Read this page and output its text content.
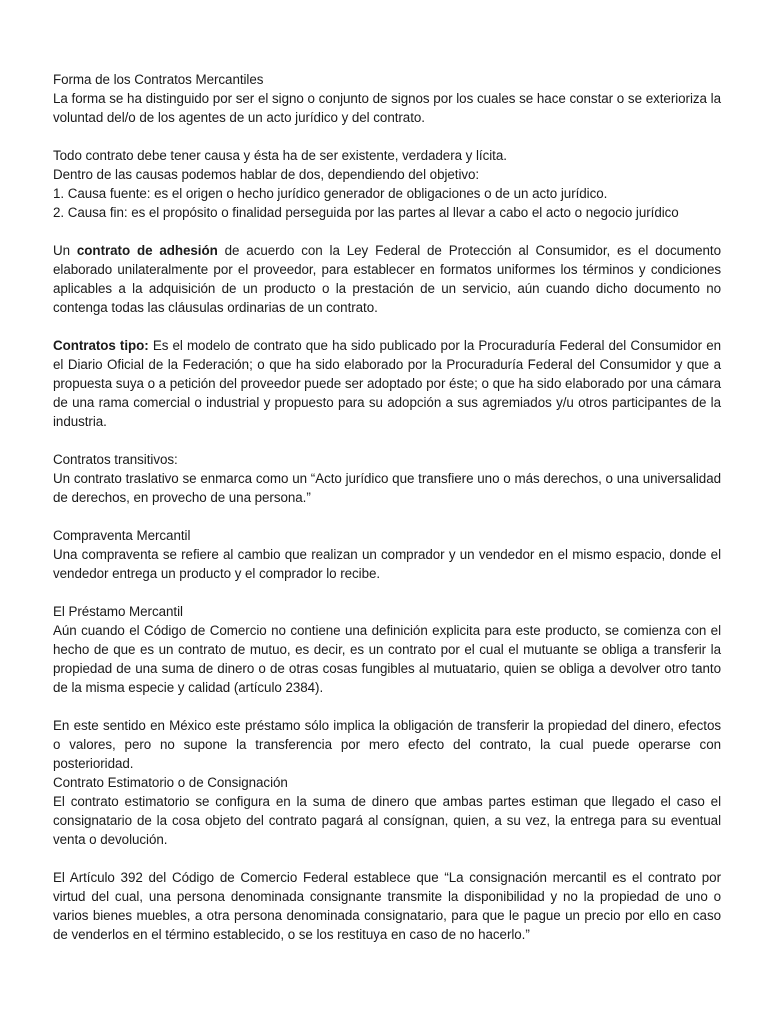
Forma de los Contratos Mercantiles

La forma se ha distinguido por ser el signo o conjunto de signos por los cuales se hace constar o se exterioriza la voluntad del/o de los agentes de un acto jurídico y del contrato.

Todo contrato debe tener causa y ésta ha de ser existente, verdadera y lícita.

Dentro de las causas podemos hablar de dos, dependiendo del objetivo:

1. Causa fuente: es el origen o hecho jurídico generador de obligaciones o de un acto jurídico.
2. Causa fin: es el propósito o finalidad perseguida por las partes al llevar a cabo el acto o negocio jurídico

Un contrato de adhesión de acuerdo con la Ley Federal de Protección al Consumidor, es el documento elaborado unilateralmente por el proveedor, para establecer en formatos uniformes los términos y condiciones aplicables a la adquisición de un producto o la prestación de un servicio, aún cuando dicho documento no contenga todas las cláusulas ordinarias de un contrato.

Contratos tipo: Es el modelo de contrato que ha sido publicado por la Procuraduría Federal del Consumidor en el Diario Oficial de la Federación; o que ha sido elaborado por la Procuraduría Federal del Consumidor y que a propuesta suya o a petición del proveedor puede ser adoptado por éste; o que ha sido elaborado por una cámara de una rama comercial o industrial y propuesto para su adopción a sus agremiados y/u otros participantes de la industria.

Contratos transitivos:

Un contrato traslativo se enmarca como un “Acto jurídico que transfiere uno o más derechos, o una universalidad de derechos, en provecho de una persona.”

Compraventa Mercantil

Una compraventa se refiere al cambio que realizan un comprador y un vendedor en el mismo espacio, donde el vendedor entrega un producto y el comprador lo recibe.

El Préstamo Mercantil

Aún cuando el Código de Comercio no contiene una definición explicita para este producto, se comienza con el hecho de que es un contrato de mutuo, es decir, es un contrato por el cual el mutuante se obliga a transferir la propiedad de una suma de dinero o de otras cosas fungibles al mutuatario, quien se obliga a devolver otro tanto de la misma especie y calidad (artículo 2384).

En este sentido en México este préstamo sólo implica la obligación de transferir la propiedad del dinero, efectos o valores, pero no supone la transferencia por mero efecto del contrato, la cual puede operarse con posterioridad.

Contrato Estimatorio o de Consignación

El contrato estimatorio se configura en la suma de dinero que ambas partes estiman que llegado el caso el consignatario de la cosa objeto del contrato pagará al consígnan, quien, a su vez, la entrega para su eventual venta o devolución.

El Artículo 392 del Código de Comercio Federal establece que “La consignación mercantil es el contrato por virtud del cual, una persona denominada consignante transmite la disponibilidad y no la propiedad de uno o varios bienes muebles, a otra persona denominada consignatario, para que le pague un precio por ello en caso de venderlos en el término establecido, o se los restituya en caso de no hacerlo.”
